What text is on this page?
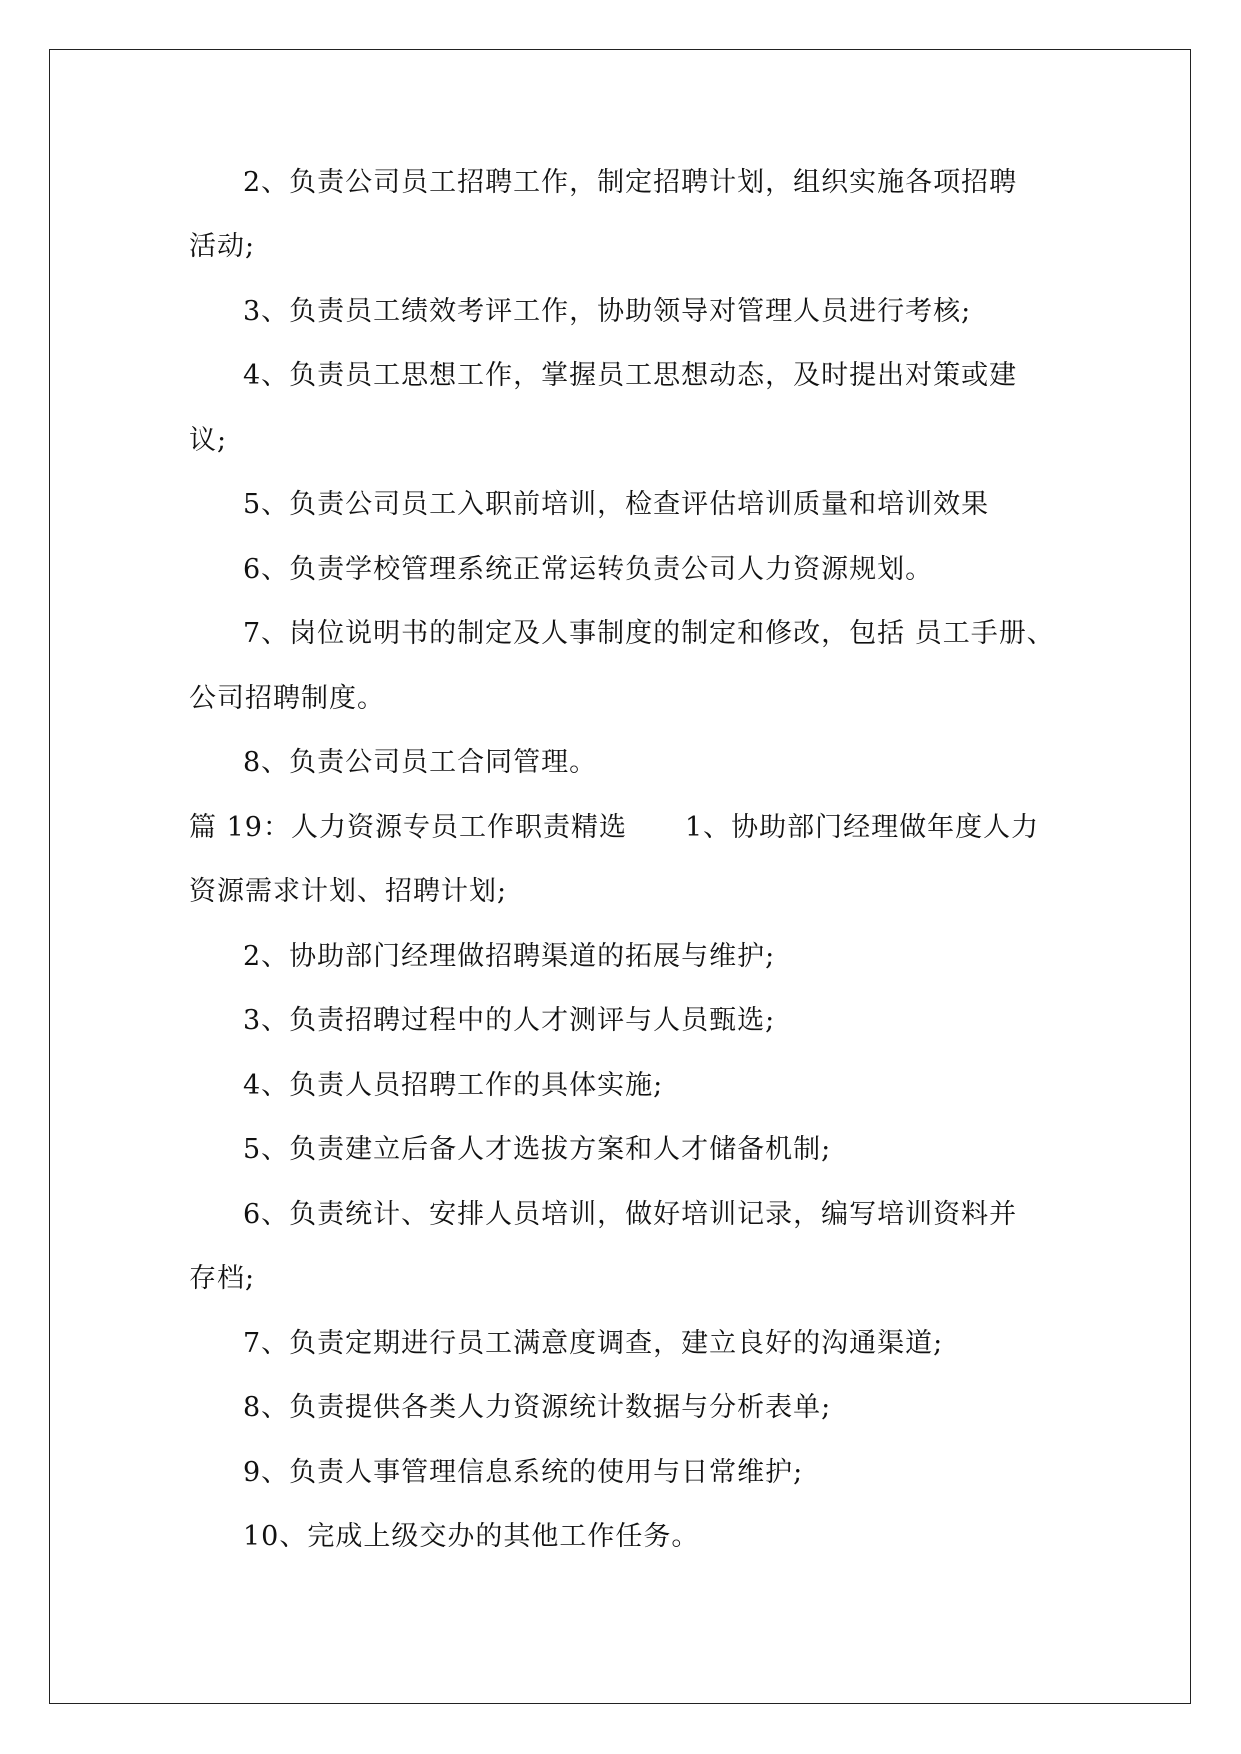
2、负责公司员工招聘工作，制定招聘计划，组织实施各项招聘
活动;
3、负责员工绩效考评工作，协助领导对管理人员进行考核;
4、负责员工思想工作，掌握员工思想动态，及时提出对策或建
议;
5、负责公司员工入职前培训，检查评估培训质量和培训效果
6、负责学校管理系统正常运转负责公司人力资源规划。
7、岗位说明书的制定及人事制度的制定和修改，包括 员工手册、
公司招聘制度。
8、负责公司员工合同管理。
篇 19：人力资源专员工作职责精选 1、协助部门经理做年度人力
资源需求计划、招聘计划;
2、协助部门经理做招聘渠道的拓展与维护;
3、负责招聘过程中的人才测评与人员甄选;
4、负责人员招聘工作的具体实施;
5、负责建立后备人才选拔方案和人才储备机制;
6、负责统计、安排人员培训，做好培训记录，编写培训资料并
存档;
7、负责定期进行员工满意度调查，建立良好的沟通渠道;
8、负责提供各类人力资源统计数据与分析表单;
9、负责人事管理信息系统的使用与日常维护;
10、完成上级交办的其他工作任务。
